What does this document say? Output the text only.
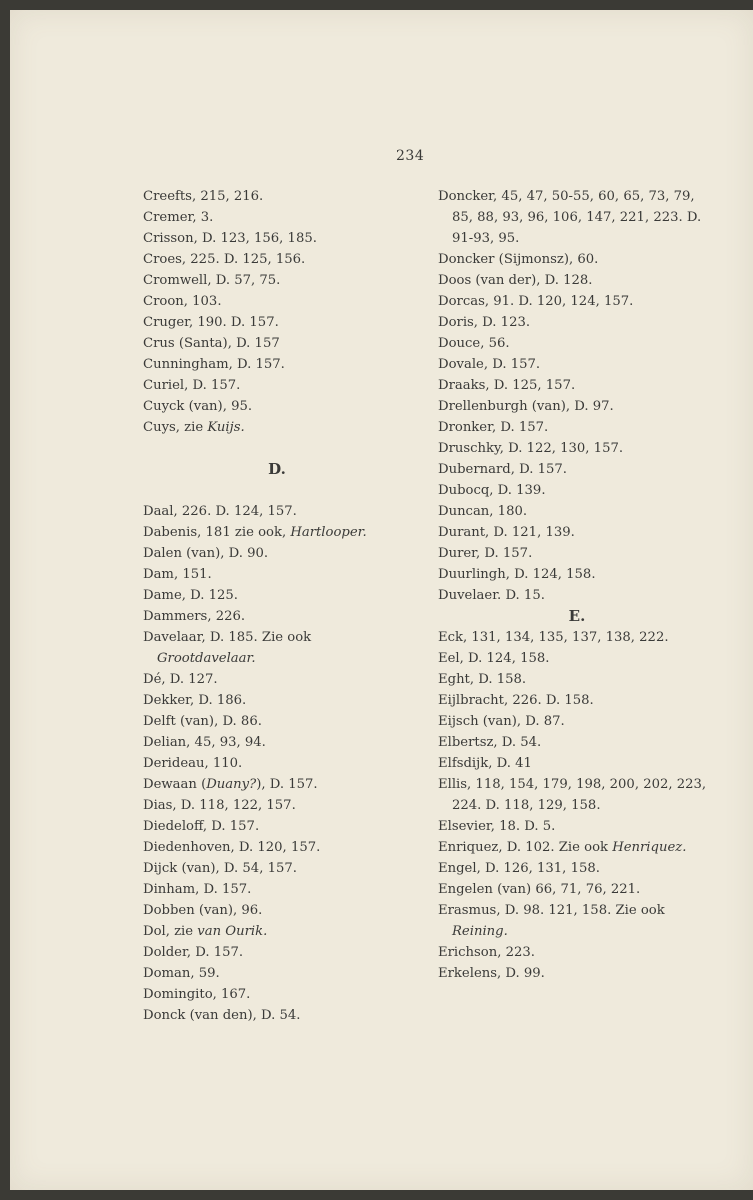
234
Creefts, 215, 216.
Cremer, 3.
Crisson, D. 123, 156, 185.
Croes, 225. D. 125, 156.
Cromwell, D. 57, 75.
Croon, 103.
Cruger, 190. D. 157.
Crus (Santa), D. 157
Cunningham, D. 157.
Curiel, D. 157.
Cuyck (van), 95.
Cuys, zie Kuijs.
D.
Daal, 226. D. 124, 157.
Dabenis, 181 zie ook, Hartlooper.
Dalen (van), D. 90.
Dam, 151.
Dame, D. 125.
Dammers, 226.
Davelaar, D. 185. Zie ook Grootdavelaar.
Dé, D. 127.
Dekker, D. 186.
Delft (van), D. 86.
Delian, 45, 93, 94.
Derideau, 110.
Dewaan (Duany?), D. 157.
Dias, D. 118, 122, 157.
Diedeloff, D. 157.
Diedenhoven, D. 120, 157.
Dijck (van), D. 54, 157.
Dinham, D. 157.
Dobben (van), 96.
Dol, zie van Ourik.
Dolder, D. 157.
Doman, 59.
Domingito, 167.
Donck (van den), D. 54.
Doncker, 45, 47, 50-55, 60, 65, 73, 79, 85, 88, 93, 96, 106, 147, 221, 223. D. 91-93, 95.
Doncker (Sijmonsz), 60.
Doos (van der), D. 128.
Dorcas, 91. D. 120, 124, 157.
Doris, D. 123.
Douce, 56.
Dovale, D. 157.
Draaks, D. 125, 157.
Drellenburgh (van), D. 97.
Dronker, D. 157.
Druschky, D. 122, 130, 157.
Dubernard, D. 157.
Dubocq, D. 139.
Duncan, 180.
Durant, D. 121, 139.
Durer, D. 157.
Duurlingh, D. 124, 158.
Duvelaer. D. 15.
E.
Eck, 131, 134, 135, 137, 138, 222.
Eel, D. 124, 158.
Eght, D. 158.
Eijlbracht, 226. D. 158.
Eijsch (van), D. 87.
Elbertsz, D. 54.
Elfsdijk, D. 41
Ellis, 118, 154, 179, 198, 200, 202, 223, 224. D. 118, 129, 158.
Elsevier, 18. D. 5.
Enriquez, D. 102. Zie ook Henriquez.
Engel, D. 126, 131, 158.
Engelen (van) 66, 71, 76, 221.
Erasmus, D. 98. 121, 158. Zie ook Reining.
Erichson, 223.
Erkelens, D. 99.
